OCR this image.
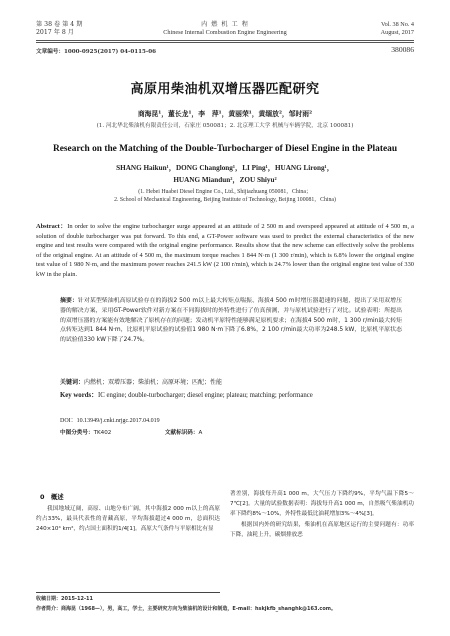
第 38 卷 第 4 期
2017 年 8 月
内 燃 机 工 程
Chinese Internal Combustion Engine Engineering
Vol. 38 No. 4
August, 2017
文章编号：1000-0925(2017) 04-0115-06	380086
高原用柴油机双增压器匹配研究
商海昆¹，董长龙¹，李　萍¹，黄丽荣¹，黄缅放²，邹时雨²
(1. 河北华北柴油机有限责任公司，石家庄 050081；2. 北京理工大学 机械与车辆学院，北京 100081)
Research on the Matching of the Double-Turbocharger of Diesel Engine in the Plateau
SHANG Haikun¹，DONG Changlong¹，LI Ping¹，HUANG Lirong¹，
HUANG Miandun²，ZOU Shiyu²
(1. Hebei Huabei Diesel Engine Co., Ltd., Shijiazhuang 050081，China；
2. School of Mechanical Engineering, Beijing Institute of Technology, Beijing 100081，China)
Abstract：In order to solve the engine turbocharger surge appeared at an attitude of 2 500 m and overspeed appeared at attitude of 4 500 m, a solution of double turbocharger was put forward. To this end, a GT-Power software was used to predict the external characteristics of the new engine and test results were compared with the original engine performance. Results show that the new scheme can effectively solve the problems of the original engine. At an attitude of 4 500 m, the maximum torque reaches 1 844 N·m (1 300 r/min), which is 6.8% lower the original engine test value of 1 980 N·m, and the maximum power reaches 241.5 kW (2 100 r/min), which is 24.7% lower than the original engine test value of 330 kW in the plain.
摘要：针对某型柴油机高原试验存在的海拔2 500 m以上最大转矩点喘振、海拔4 500 m时增压器超速的问题，提出了采用双增压器的解决方案，采用GT-Power软件对新方案在不同海拔时的外特性进行了仿真预测，并与原机试验进行了对比。试验表明：所提出的双增压器的方案能有效地解决了原机存在的问题；发动机平原特性能够满足原机要求；在海拔4 500 m时，1 300 r/min最大转矩点转矩达到1 844 N·m，比原机平原试验的试验值1 980 N·m下降了6.8%，2 100 r/min最大功率为248.5 kW，比原机平原状态的试验值330 kW下降了24.7%。
关键词：内燃机；双增压器；柴油机；高原环境；匹配；性能
Key words：IC engine; double-turbocharger; diesel engine; plateau; matching; performance
DOI：10.13949/j.cnki.nrjgc.2017.04.019
中图分类号：TK402	文献标识码：A
0　概述
我国地域辽阔，高原、山地分布广阔，其中海拔2 000 m以上的高原约占33%，最具代表性的青藏高原，平均海拔超过4 000 m，总面积达240×10⁴ km²，约占国土面积的1/4[1]。高原大气条件与平原相比有显
著差别，海拔每升高1 000 m，大气压力下降约9%，平均气温下降5～7℃[2]。大量的试验数据表明：海拔每升高1 000 m，自然吸气柴油机功率下降约8%～10%，外特性最低比油耗增加3%～4%[3]。
根据国内外的研究结果，柴油机在高原地区运行的主要问题有：功率下降，油耗上升，碳烟排放恶
收稿日期：2015-12-11
作者简介：商海昆（1968—），男，高工，学士，主要研究方向为柴油机的设计和制造，E-mail：hskjkfb_shanghk@163.com。
